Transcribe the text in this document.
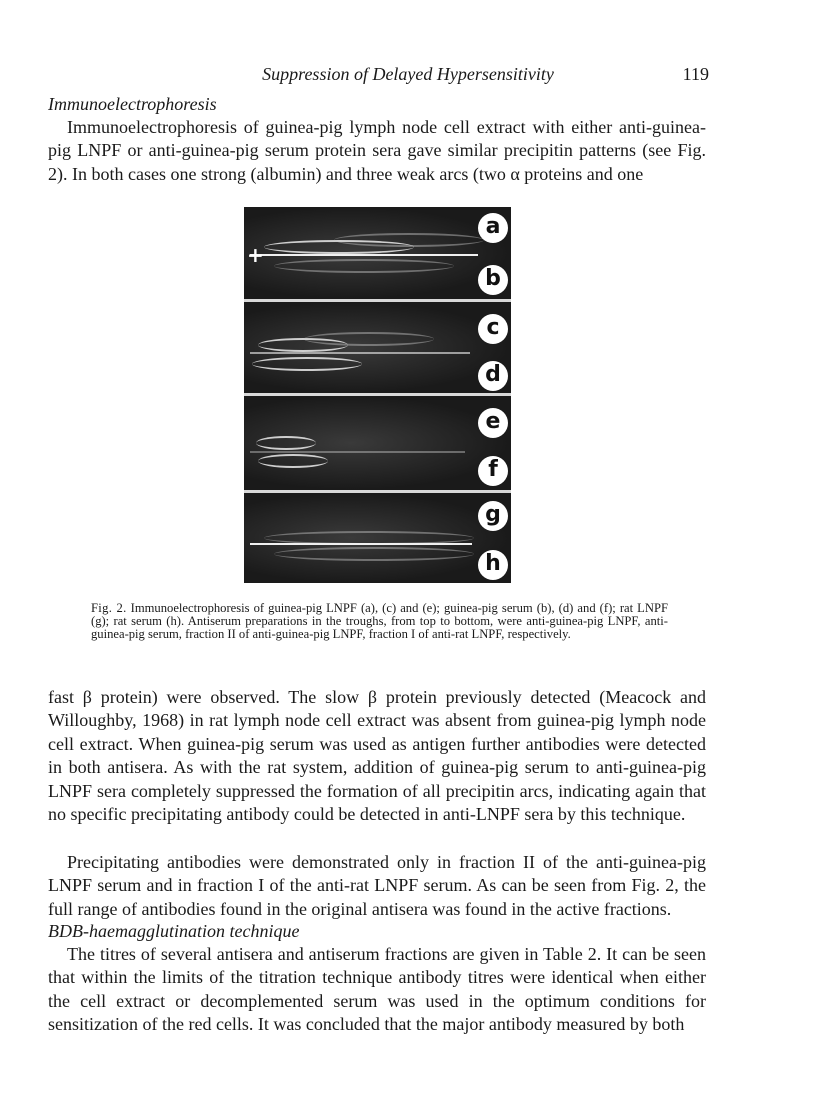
Suppression of Delayed Hypersensitivity	119
Immunoelectrophoresis

Immunoelectrophoresis of guinea-pig lymph node cell extract with either anti-guinea-pig LNPF or anti-guinea-pig serum protein sera gave similar precipitin patterns (see Fig. 2). In both cases one strong (albumin) and three weak arcs (two α proteins and one

+
a
b
c
d
e
f
g
h

Fig. 2. Immunoelectrophoresis of guinea-pig LNPF (a), (c) and (e); guinea-pig serum (b), (d) and (f); rat LNPF (g); rat serum (h). Antiserum preparations in the troughs, from top to bottom, were anti-guinea-pig LNPF, anti-guinea-pig serum, fraction II of anti-guinea-pig LNPF, fraction I of anti-rat LNPF, respectively.

fast β protein) were observed. The slow β protein previously detected (Meacock and Willoughby, 1968) in rat lymph node cell extract was absent from guinea-pig lymph node cell extract. When guinea-pig serum was used as antigen further antibodies were detected in both antisera. As with the rat system, addition of guinea-pig serum to anti-guinea-pig LNPF sera completely suppressed the formation of all precipitin arcs, indicating again that no specific precipitating antibody could be detected in anti-LNPF sera by this technique.

Precipitating antibodies were demonstrated only in fraction II of the anti-guinea-pig LNPF serum and in fraction I of the anti-rat LNPF serum. As can be seen from Fig. 2, the full range of antibodies found in the original antisera was found in the active fractions.

BDB-haemagglutination technique

The titres of several antisera and antiserum fractions are given in Table 2. It can be seen that within the limits of the titration technique antibody titres were identical when either the cell extract or decomplemented serum was used in the optimum conditions for sensitization of the red cells. It was concluded that the major antibody measured by both
